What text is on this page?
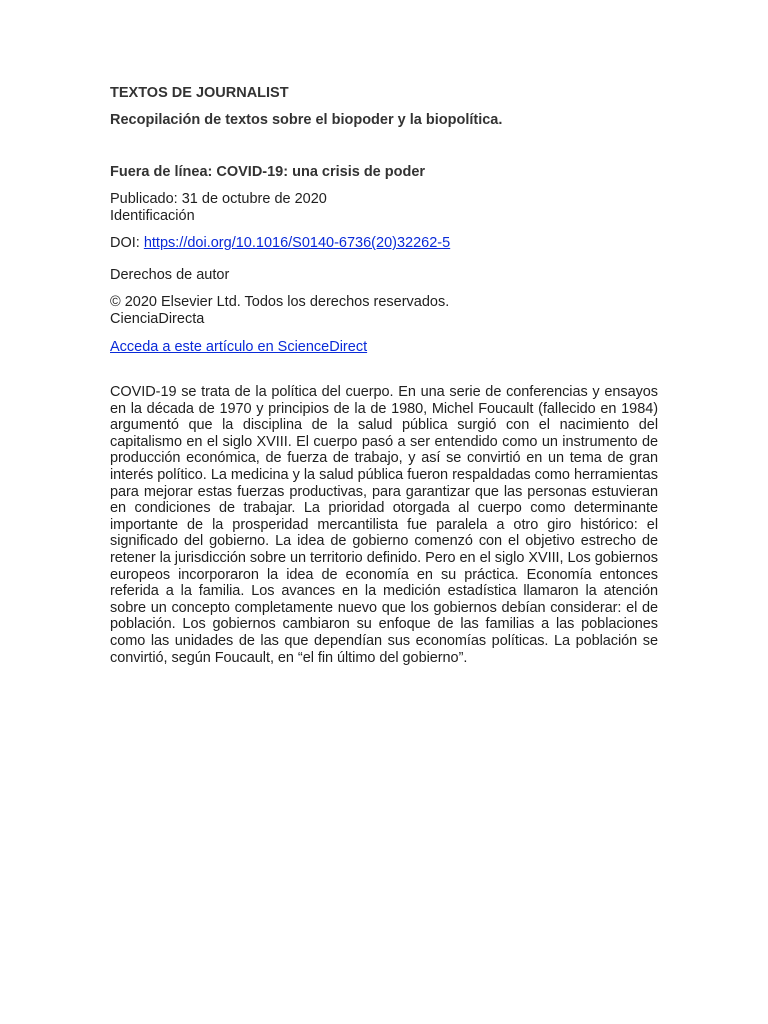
TEXTOS DE JOURNALIST
Recopilación de textos sobre el biopoder y la biopolítica.
Fuera de línea: COVID-19: una crisis de poder
Publicado: 31 de octubre de 2020
Identificación
DOI: https://doi.org/10.1016/S0140-6736(20)32262-5
Derechos de autor
© 2020 Elsevier Ltd. Todos los derechos reservados.
CienciaDirecta
Acceda a este artículo en ScienceDirect

COVID-19 se trata de la política del cuerpo. En una serie de conferencias y ensayos en la década de 1970 y principios de la de 1980, Michel Foucault (fallecido en 1984) argumentó que la disciplina de la salud pública surgió con el nacimiento del capitalismo en el siglo XVIII. El cuerpo pasó a ser entendido como un instrumento de producción económica, de fuerza de trabajo, y así se convirtió en un tema de gran interés político. La medicina y la salud pública fueron respaldadas como herramientas para mejorar estas fuerzas productivas, para garantizar que las personas estuvieran en condiciones de trabajar. La prioridad otorgada al cuerpo como determinante importante de la prosperidad mercantilista fue paralela a otro giro histórico: el significado del gobierno. La idea de gobierno comenzó con el objetivo estrecho de retener la jurisdicción sobre un territorio definido. Pero en el siglo XVIII, Los gobiernos europeos incorporaron la idea de economía en su práctica. Economía entonces referida a la familia. Los avances en la medición estadística llamaron la atención sobre un concepto completamente nuevo que los gobiernos debían considerar: el de población. Los gobiernos cambiaron su enfoque de las familias a las poblaciones como las unidades de las que dependían sus economías políticas. La población se convirtió, según Foucault, en “el fin último del gobierno”.
